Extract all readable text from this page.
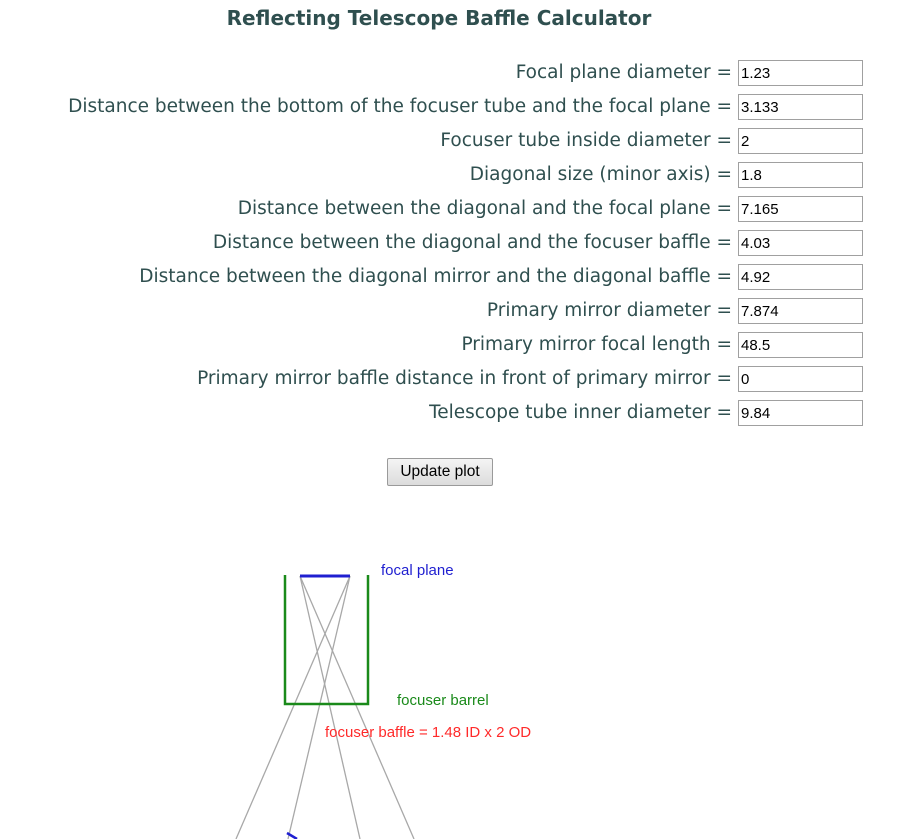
Reflecting Telescope Baffle Calculator
Focal plane diameter =
1.23
Distance between the bottom of the focuser tube and the focal plane =
3.133
Focuser tube inside diameter =
2
Diagonal size (minor axis) =
1.8
Distance between the diagonal and the focal plane =
7.165
Distance between the diagonal and the focuser baffle =
4.03
Distance between the diagonal mirror and the diagonal baffle =
4.92
Primary mirror diameter =
7.874
Primary mirror focal length =
48.5
Primary mirror baffle distance in front of primary mirror =
0
Telescope tube inner diameter =
9.84
Update plot
focal plane
focuser barrel
focuser baffle = 1.48 ID x 2 OD
